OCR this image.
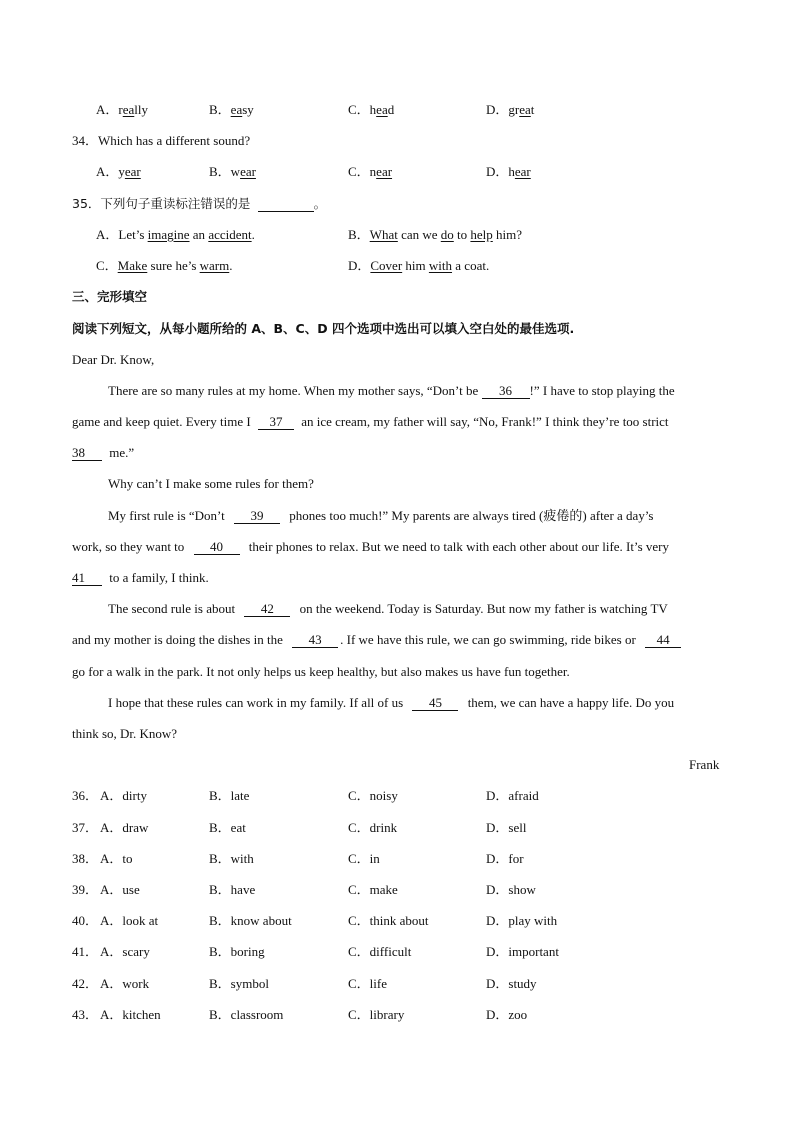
A．really	B．easy	C．head	D．great
34．Which has a different sound?
A．year	B．wear	C．near	D．hear
35．下列句子重读标注错误的是	。
A．Let’s imagine an accident.	B．What can we do to help him?
C．Make sure he’s warm.	D．Cover him with a coat.
三、完形填空
阅读下列短文，从每小题所给的 A、B、C、D 四个选项中选出可以填入空白处的最佳选项.
Dear Dr. Know,
There are so many rules at my home. When my mother says, “Don’t be 36 !” I have to stop playing the
game and keep quiet. Every time I 37 an ice cream, my father will say, “No, Frank!” I think they’re too strict
38 me.”
Why can’t I make some rules for them?
My first rule is “Don’t 39 phones too much!” My parents are always tired (疲倦的) after a day’s
work, so they want to 40 their phones to relax. But we need to talk with each other about our life. It’s very
41 to a family, I think.
The second rule is about 42 on the weekend. Today is Saturday. But now my father is watching TV
and my mother is doing the dishes in the 43 . If we have this rule, we can go swimming, ride bikes or 44
go for a walk in the park. It not only helps us keep healthy, but also makes us have fun together.
I hope that these rules can work in my family. If all of us 45 them, we can have a happy life. Do you
think so, Dr. Know?
Frank
36． A．dirty	B．late	C．noisy	D．afraid
37． A．draw	B．eat	C．drink	D．sell
38． A．to	B．with	C．in	D．for
39． A．use	B．have	C．make	D．show
40． A．look at	B．know about	C．think about	D．play with
41． A．scary	B．boring	C．difficult	D．important
42． A．work	B．symbol	C．life	D．study
43． A．kitchen	B．classroom	C．library	D．zoo
